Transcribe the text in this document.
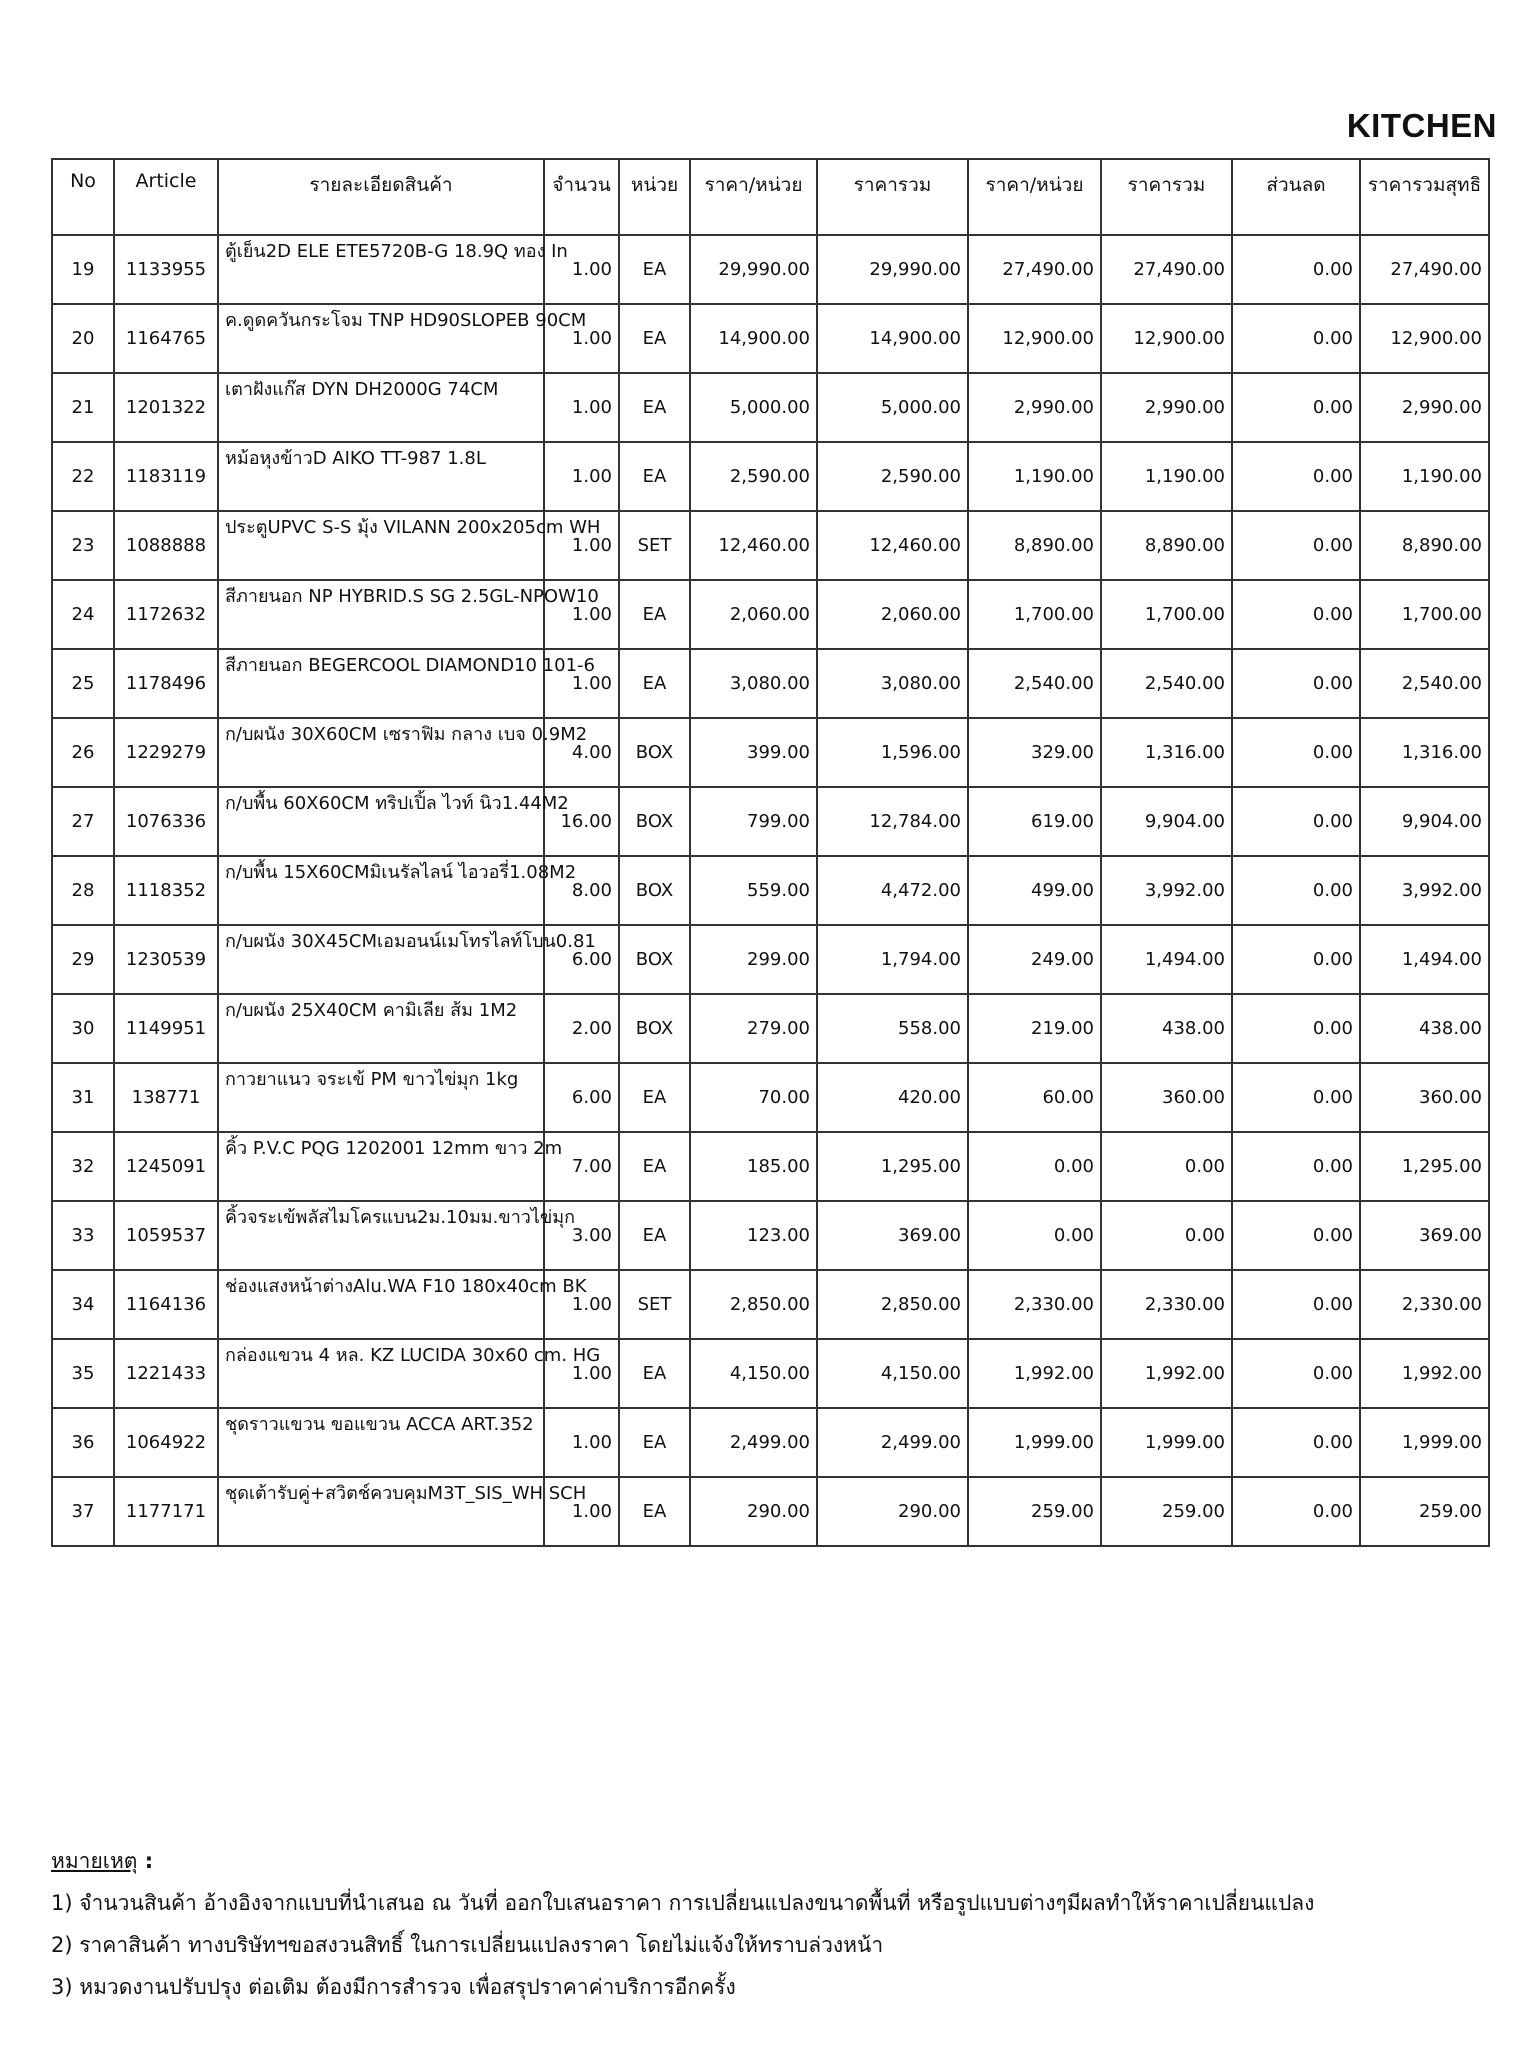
KITCHEN
No	Article	รายละเอียดสินค้า	จำนวน	หน่วย	ราคา/หน่วย	ราคารวม	ราคา/หน่วย	ราคารวม	ส่วนลด	ราคารวมสุทธิ
19	1133955	ตู้เย็น2D ELE ETE5720B-G 18.9Q ทอง In	1.00	EA	29,990.00	29,990.00	27,490.00	27,490.00	0.00	27,490.00
20	1164765	ค.ดูดควันกระโจม TNP HD90SLOPEB 90CM	1.00	EA	14,900.00	14,900.00	12,900.00	12,900.00	0.00	12,900.00
21	1201322	เตาฝังแก๊ส DYN DH2000G 74CM	1.00	EA	5,000.00	5,000.00	2,990.00	2,990.00	0.00	2,990.00
22	1183119	หม้อหุงข้าวD AIKO TT-987 1.8L	1.00	EA	2,590.00	2,590.00	1,190.00	1,190.00	0.00	1,190.00
23	1088888	ประตูUPVC S-S มุ้ง VILANN 200x205cm WH	1.00	SET	12,460.00	12,460.00	8,890.00	8,890.00	0.00	8,890.00
24	1172632	สีภายนอก NP HYBRID.S SG 2.5GL-NPOW10	1.00	EA	2,060.00	2,060.00	1,700.00	1,700.00	0.00	1,700.00
25	1178496	สีภายนอก BEGERCOOL DIAMOND10 101-6	1.00	EA	3,080.00	3,080.00	2,540.00	2,540.00	0.00	2,540.00
26	1229279	ก/บผนัง 30X60CM เซราฟิม กลาง เบจ 0.9M2	4.00	BOX	399.00	1,596.00	329.00	1,316.00	0.00	1,316.00
27	1076336	ก/บพื้น 60X60CM ทริปเปิ้ล ไวท์ นิว1.44M2	16.00	BOX	799.00	12,784.00	619.00	9,904.00	0.00	9,904.00
28	1118352	ก/บพื้น 15X60CMมิเนรัลไลน์ ไอวอรี่1.08M2	8.00	BOX	559.00	4,472.00	499.00	3,992.00	0.00	3,992.00
29	1230539	ก/บผนัง 30X45CMเอมอนน์เมโทรไลท์โบน0.81	6.00	BOX	299.00	1,794.00	249.00	1,494.00	0.00	1,494.00
30	1149951	ก/บผนัง 25X40CM คามิเลีย ส้ม 1M2	2.00	BOX	279.00	558.00	219.00	438.00	0.00	438.00
31	138771	กาวยาแนว จระเข้ PM ขาวไข่มุก 1kg	6.00	EA	70.00	420.00	60.00	360.00	0.00	360.00
32	1245091	คิ้ว P.V.C PQG 1202001 12mm ขาว 2m	7.00	EA	185.00	1,295.00	0.00	0.00	0.00	1,295.00
33	1059537	คิ้วจระเข้พลัสไมโครแบน2ม.10มม.ขาวไข่มุก	3.00	EA	123.00	369.00	0.00	0.00	0.00	369.00
34	1164136	ช่องแสงหน้าต่างAlu.WA F10 180x40cm BK	1.00	SET	2,850.00	2,850.00	2,330.00	2,330.00	0.00	2,330.00
35	1221433	กล่องแขวน 4 หล. KZ LUCIDA 30x60 cm. HG	1.00	EA	4,150.00	4,150.00	1,992.00	1,992.00	0.00	1,992.00
36	1064922	ชุดราวแขวน ขอแขวน ACCA ART.352	1.00	EA	2,499.00	2,499.00	1,999.00	1,999.00	0.00	1,999.00
37	1177171	ชุดเต้ารับคู่+สวิตช์ควบคุมM3T_SIS_WH SCH	1.00	EA	290.00	290.00	259.00	259.00	0.00	259.00
หมายเหตุ :
1) จำนวนสินค้า อ้างอิงจากแบบที่นำเสนอ ณ วันที่ ออกใบเสนอราคา การเปลี่ยนแปลงขนาดพื้นที่ หรือรูปแบบต่างๆมีผลทำให้ราคาเปลี่ยนแปลง
2) ราคาสินค้า ทางบริษัทฯขอสงวนสิทธิ์ ในการเปลี่ยนแปลงราคา โดยไม่แจ้งให้ทราบล่วงหน้า
3) หมวดงานปรับปรุง ต่อเติม ต้องมีการสำรวจ เพื่อสรุปราคาค่าบริการอีกครั้ง
